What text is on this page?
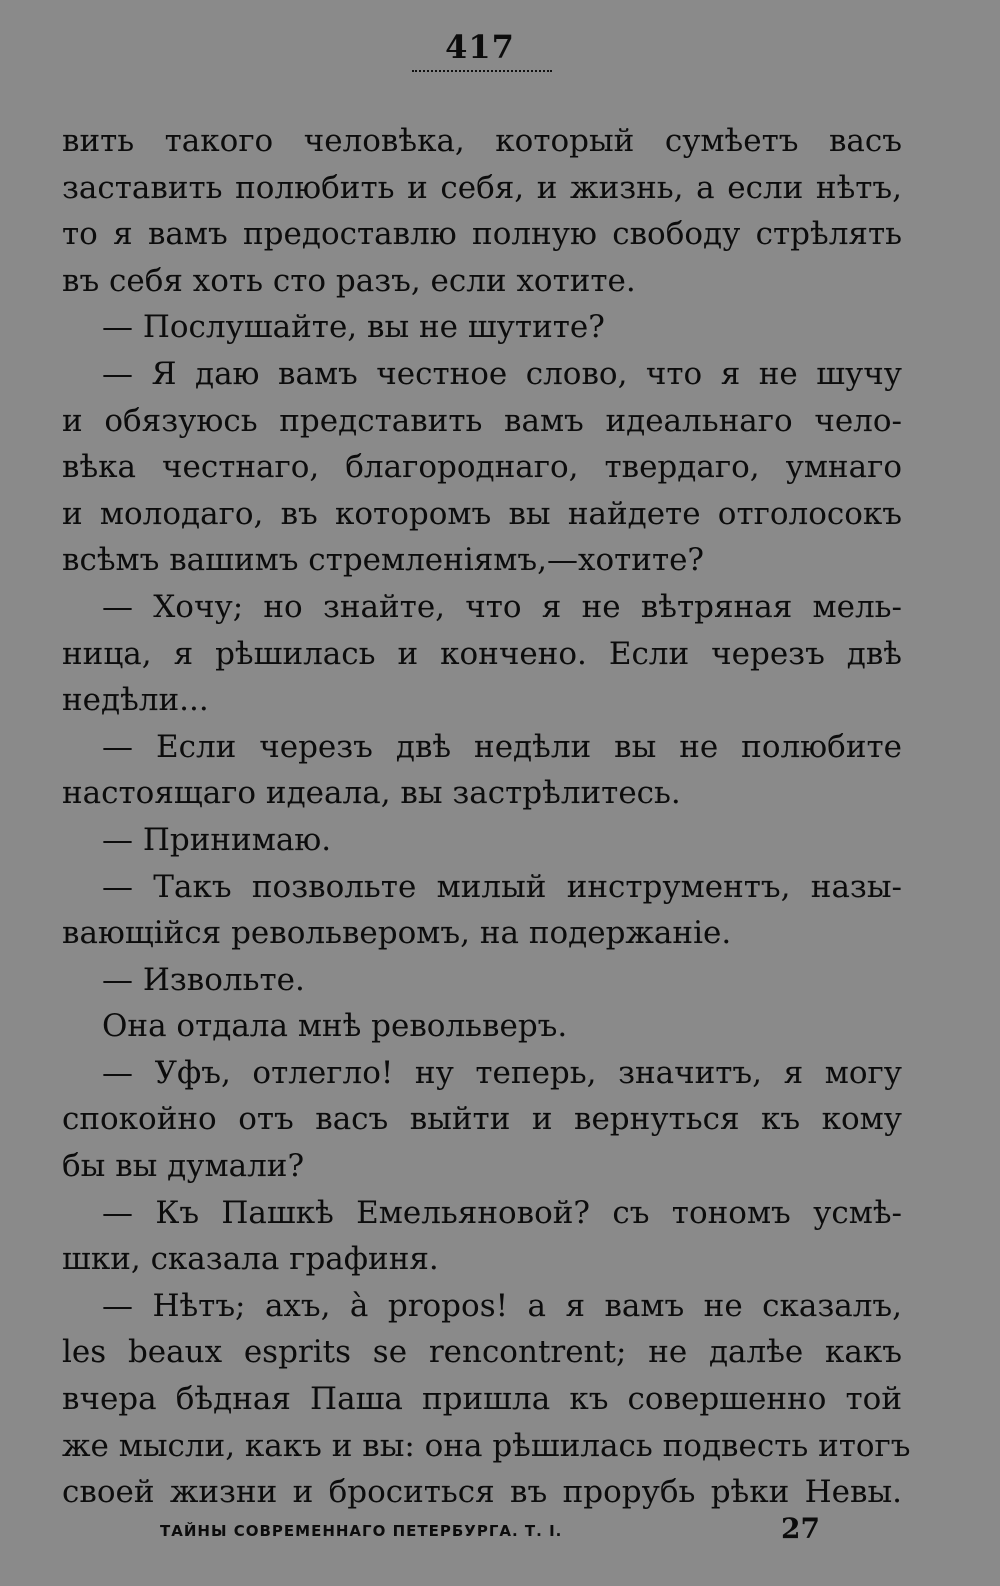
417
вить такого человѣка, который сумѣетъ васъ
заставить полюбить и себя, и жизнь, а если нѣтъ,
то я вамъ предоставлю полную свободу стрѣлять
въ себя хоть сто разъ, если хотите.
— Послушайте, вы не шутите?
— Я даю вамъ честное слово, что я не шучу
и обязуюсь представить вамъ идеальнаго чело-
вѣка честнаго, благороднаго, твердаго, умнаго
и молодаго, въ которомъ вы найдете отголосокъ
всѣмъ вашимъ стремленіямъ,—хотите?
— Хочу; но знайте, что я не вѣтряная мель-
ница, я рѣшилась и кончено. Если черезъ двѣ
недѣли...
— Если черезъ двѣ недѣли вы не полюбите
настоящаго идеала, вы застрѣлитесь.
— Принимаю.
— Такъ позвольте милый инструментъ, назы-
вающійся револьверомъ, на подержаніе.
— Извольте.
Она отдала мнѣ револьверъ.
— Уфъ, отлегло! ну теперь, значитъ, я могу
спокойно отъ васъ выйти и вернуться къ кому
бы вы думали?
— Къ Пашкѣ Емельяновой? съ тономъ усмѣ-
шки, сказала графиня.
— Нѣтъ; ахъ, à propos! а я вамъ не сказалъ,
les beaux esprits se rencontrent; не далѣе какъ
вчера бѣдная Паша пришла къ совершенно той
же мысли, какъ и вы: она рѣшилась подвесть итогъ
своей жизни и броситься въ прорубь рѣки Невы.
ТАЙНЫ СОВРЕМЕННАГО ПЕТЕРБУРГА. Т. I.	27
